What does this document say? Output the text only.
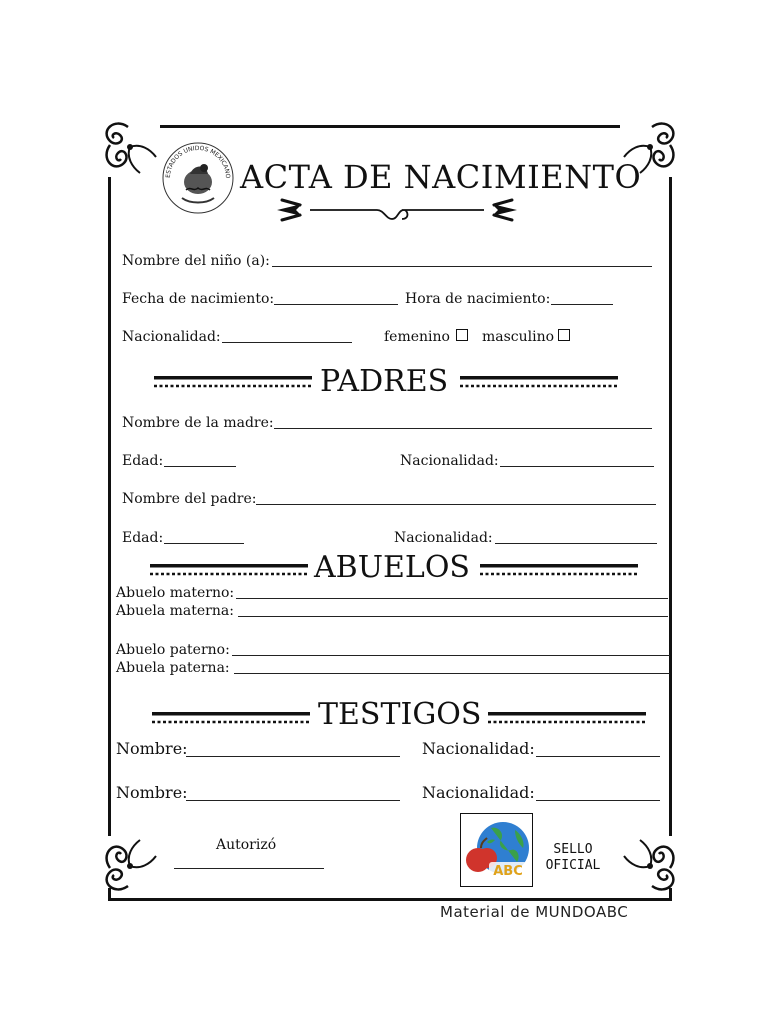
ESTADOS UNIDOS MEXICANO ACTA DE NACIMIENTO
Nombre del niño (a):
Fecha de nacimiento:	Hora de nacimiento:
Nacionalidad:	femenino masculino
PADRES
Nombre de la madre:
Edad:	Nacionalidad:
Nombre del padre:
Edad:	Nacionalidad:
ABUELOS
Abuelo materno:
Abuela materna:
Abuelo paterno:
Abuela paterna:
TESTIGOS
Nombre:	Nacionalidad:
Nombre:	Nacionalidad:
Autorizó
ABC
SELLO
OFICIAL
Material de MUNDOABC
